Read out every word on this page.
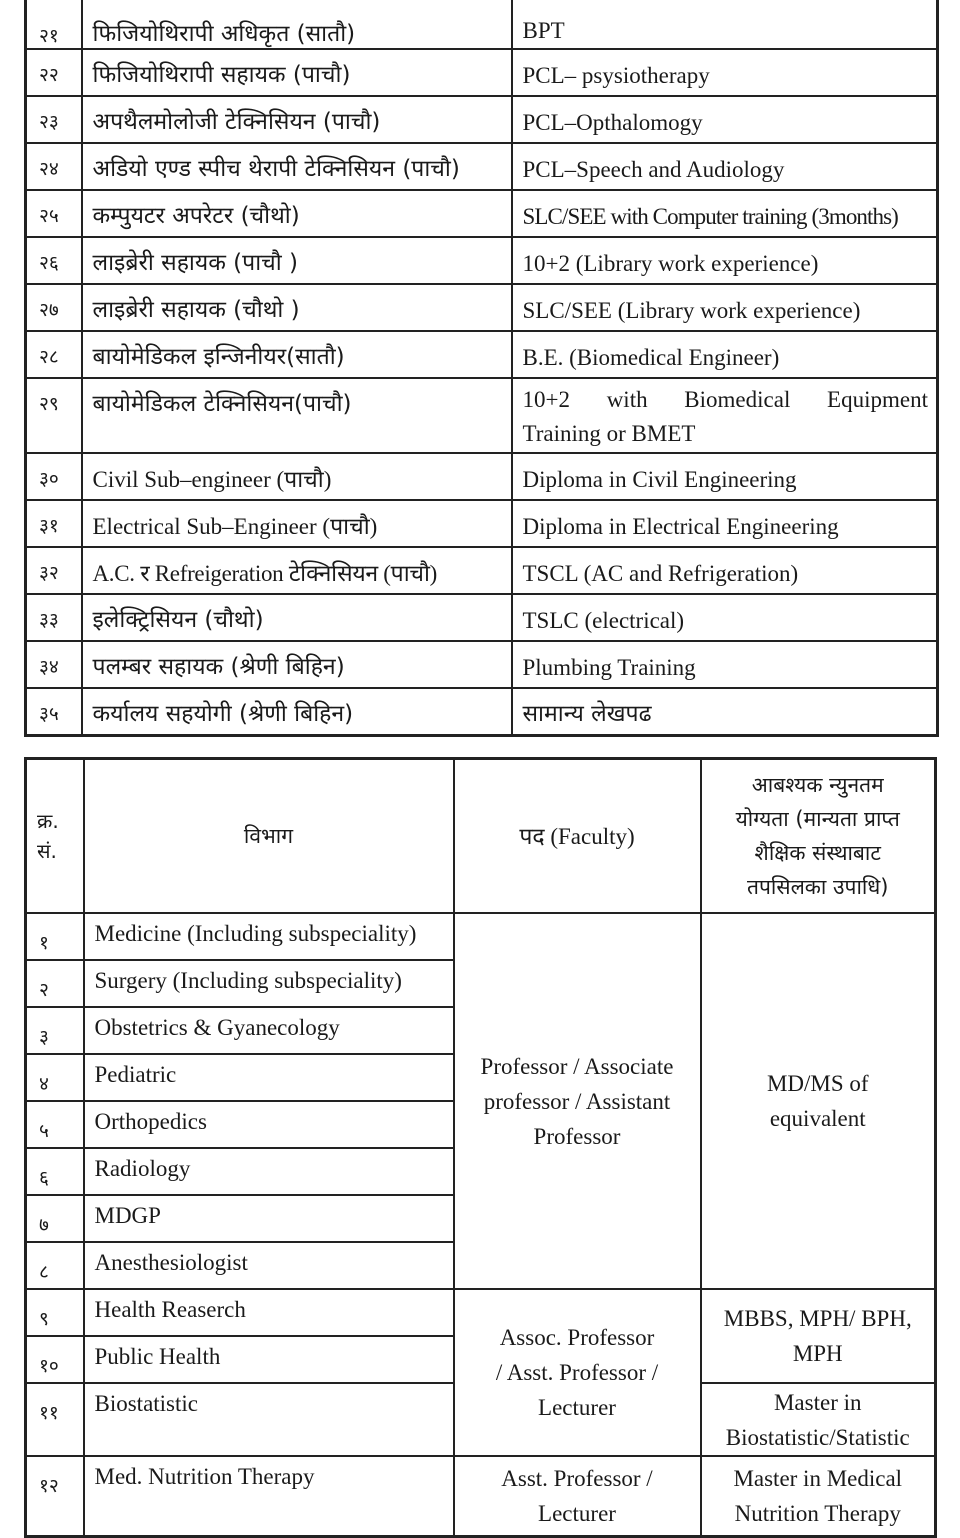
२१	फिजियोथिरापी अधिकृत (सातौ)	BPT
२२	फिजियोथिरापी सहायक (पाचौ)	PCL– psysiotherapy
२३	अपथैलमोलोजी टेक्निसियन (पाचौ)	PCL–Opthalomogy
२४	अडियो एण्ड स्पीच थेरापी टेक्निसियन (पाचौ)	PCL–Speech and Audiology
२५	कम्पुयटर अपरेटर (चौथो)	SLC/SEE with Computer training (3months)
२६	लाइब्रेरी सहायक (पाचौ )	10+2 (Library work experience)
२७	लाइब्रेरी सहायक (चौथो )	SLC/SEE (Library work experience)
२८	बायोमेडिकल इन्जिनीयर(सातौ)	B.E. (Biomedical Engineer)
२९	बायोमेडिकल टेक्निसियन(पाचौ)	10+2 with Biomedical Equipment
Training or BMET

३०	Civil Sub–engineer (पाचौ)	Diploma in Civil Engineering
३१	Electrical Sub–Engineer (पाचौ)	Diploma in Electrical Engineering
३२	A.C. र Refreigeration टेक्निसियन (पाचौ)	TSCL (AC and Refrigeration)
३३	इलेक्ट्रिसियन (चौथो)	TSLC (electrical)
३४	पलम्बर सहायक (श्रेणी बिहिन)	Plumbing Training
३५	कर्यालय सहयोगी (श्रेणी बिहिन)	सामान्य लेखपढ
क्र.
सं.	विभाग	पद (Faculty)	आबश्यक न्युनतम
योग्यता (मान्यता प्राप्त
शैक्षिक संस्थाबाट
तपसिलका उपाधि)

१	Medicine (Including subspeciality)	Professor / Associate
professor / Assistant
Professor	MD/MS of
equivalent

२	Surgery (Including subspeciality)		
३	Obstetrics & Gyanecology		
४	Pediatric		
५	Orthopedics		
६	Radiology		
७	MDGP		
८	Anesthesiologist		
९	Health Reaserch	Assoc. Professor
/ Asst. Professor /
Lecturer	MBBS, MPH/ BPH,
MPH

१०	Public Health		
११	Biostatistic		Master in
Biostatistic/Statistic

१२	Med. Nutrition Therapy	Asst. Professor /
Lecturer	Master in Medical
Nutrition Therapy
